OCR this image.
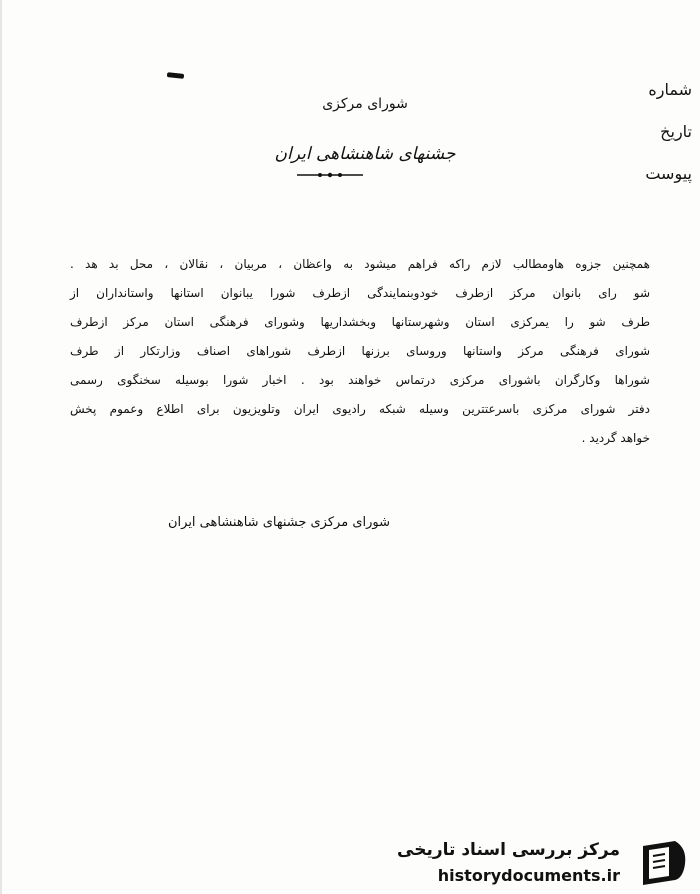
شماره
تاریخ
پیوست
شورای مرکزی
جشنهای شاهنشاهی ایران
همچنین جزوه هاومطالب لازم راکه فراهم میشود به واعظان ، مربیان ، نقالان ، محل بد هد .
شو رای بانوان مرکز ازطرف خودوبنمایندگی ازطرف شورا یبانوان استانها واستانداران از
طرف شو را یمرکزی استان وشهرستانها وبخشداریها وشورای فرهنگی استان مرکز ازطرف
شورای فرهنگی مرکز واستانها وروسای برزنها ازطرف شوراهای اصناف وزارتکار از طرف
شوراها وکارگران باشورای مرکزی درتماس خواهند بود . اخبار شورا بوسیله سخنگوی رسمی
دفتر شورای مرکزی باسرعتترین وسیله شبکه رادیوی ایران وتلویزیون برای اطلاع وعموم پخش
خواهد گردید .
شورای مرکزی جشنهای شاهنشاهی ایران
مرکز بررسی اسناد تاریخی
historydocuments.ir
